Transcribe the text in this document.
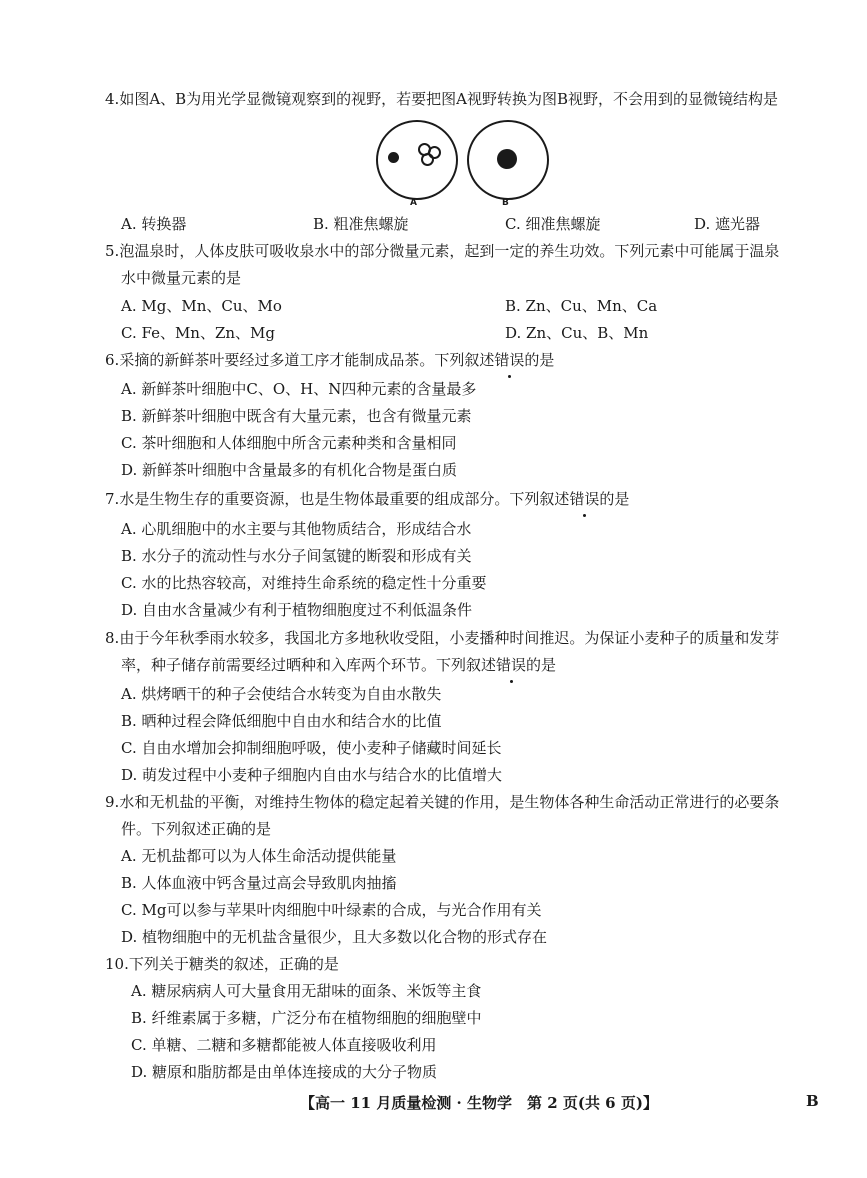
4.如图A、B为用光学显微镜观察到的视野，若要把图A视野转换为图B视野，不会用到的显微镜结构是
A	B
A. 转换器	B. 粗准焦螺旋	C. 细准焦螺旋	D. 遮光器
5.泡温泉时，人体皮肤可吸收泉水中的部分微量元素，起到一定的养生功效。下列元素中可能属于温泉
水中微量元素的是
A. Mg、Mn、Cu、Mo	B. Zn、Cu、Mn、Ca
C. Fe、Mn、Zn、Mg	D. Zn、Cu、B、Mn
6.采摘的新鲜茶叶要经过多道工序才能制成品茶。下列叙述错误的是
A. 新鲜茶叶细胞中C、O、H、N四种元素的含量最多
B. 新鲜茶叶细胞中既含有大量元素，也含有微量元素
C. 茶叶细胞和人体细胞中所含元素种类和含量相同
D. 新鲜茶叶细胞中含量最多的有机化合物是蛋白质
7.水是生物生存的重要资源，也是生物体最重要的组成部分。下列叙述错误的是
A. 心肌细胞中的水主要与其他物质结合，形成结合水
B. 水分子的流动性与水分子间氢键的断裂和形成有关
C. 水的比热容较高，对维持生命系统的稳定性十分重要
D. 自由水含量减少有利于植物细胞度过不利低温条件
8.由于今年秋季雨水较多，我国北方多地秋收受阻，小麦播种时间推迟。为保证小麦种子的质量和发芽
率，种子储存前需要经过晒种和入库两个环节。下列叙述错误的是
A. 烘烤晒干的种子会使结合水转变为自由水散失
B. 晒种过程会降低细胞中自由水和结合水的比值
C. 自由水增加会抑制细胞呼吸，使小麦种子储藏时间延长
D. 萌发过程中小麦种子细胞内自由水与结合水的比值增大
9.水和无机盐的平衡，对维持生物体的稳定起着关键的作用，是生物体各种生命活动正常进行的必要条
件。下列叙述正确的是
A. 无机盐都可以为人体生命活动提供能量
B. 人体血液中钙含量过高会导致肌肉抽搐
C. Mg可以参与苹果叶肉细胞中叶绿素的合成，与光合作用有关
D. 植物细胞中的无机盐含量很少，且大多数以化合物的形式存在
10.下列关于糖类的叙述，正确的是
A. 糖尿病病人可大量食用无甜味的面条、米饭等主食
B. 纤维素属于多糖，广泛分布在植物细胞的细胞壁中
C. 单糖、二糖和多糖都能被人体直接吸收利用
D. 糖原和脂肪都是由单体连接成的大分子物质
【高一 11 月质量检测 · 生物学　第 2 页(共 6 页)】	B
